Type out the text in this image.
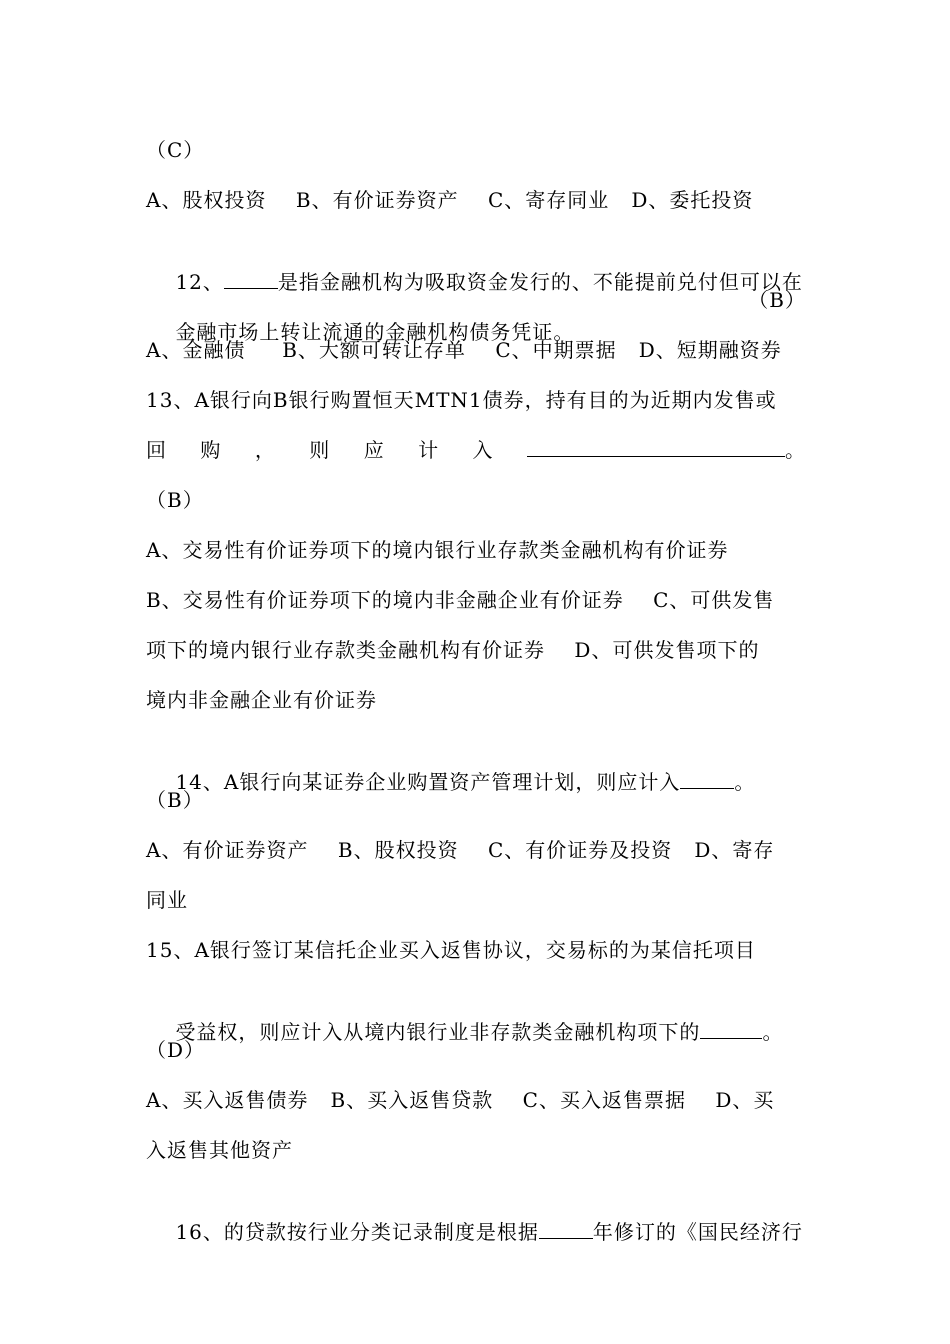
（C）
A、股权投资    B、有价证券资产    C、寄存同业   D、委托投资

12、	是指金融机构为吸取资金发行的、不能提前兑付但可以在

金融市场上转让流通的金融机构债务凭证。

（B）

A、金融债     B、大额可转让存单    C、中期票据   D、短期融资券
13、A银行向B银行购置恒天MTN1债券，持有目的为近期内发售或
回 购 ， 则 应 计 入	。
（B）
A、交易性有价证券项下的境内银行业存款类金融机构有价证券
B、交易性有价证券项下的境内非金融企业有价证券    C、可供发售
项下的境内银行业存款类金融机构有价证券    D、可供发售项下的
境内非金融企业有价证券

14、A银行向某证券企业购置资产管理计划，则应计入	。

（B）
A、有价证券资产    B、股权投资    C、有价证券及投资   D、寄存
同业
15、A银行签订某信托企业买入返售协议，交易标的为某信托项目

受益权，则应计入从境内银行业非存款类金融机构项下的	。

（D）
A、买入返售债券   B、买入返售贷款    C、买入返售票据    D、买
入返售其他资产

16、的贷款按行业分类记录制度是根据	年修订的《国民经济行
